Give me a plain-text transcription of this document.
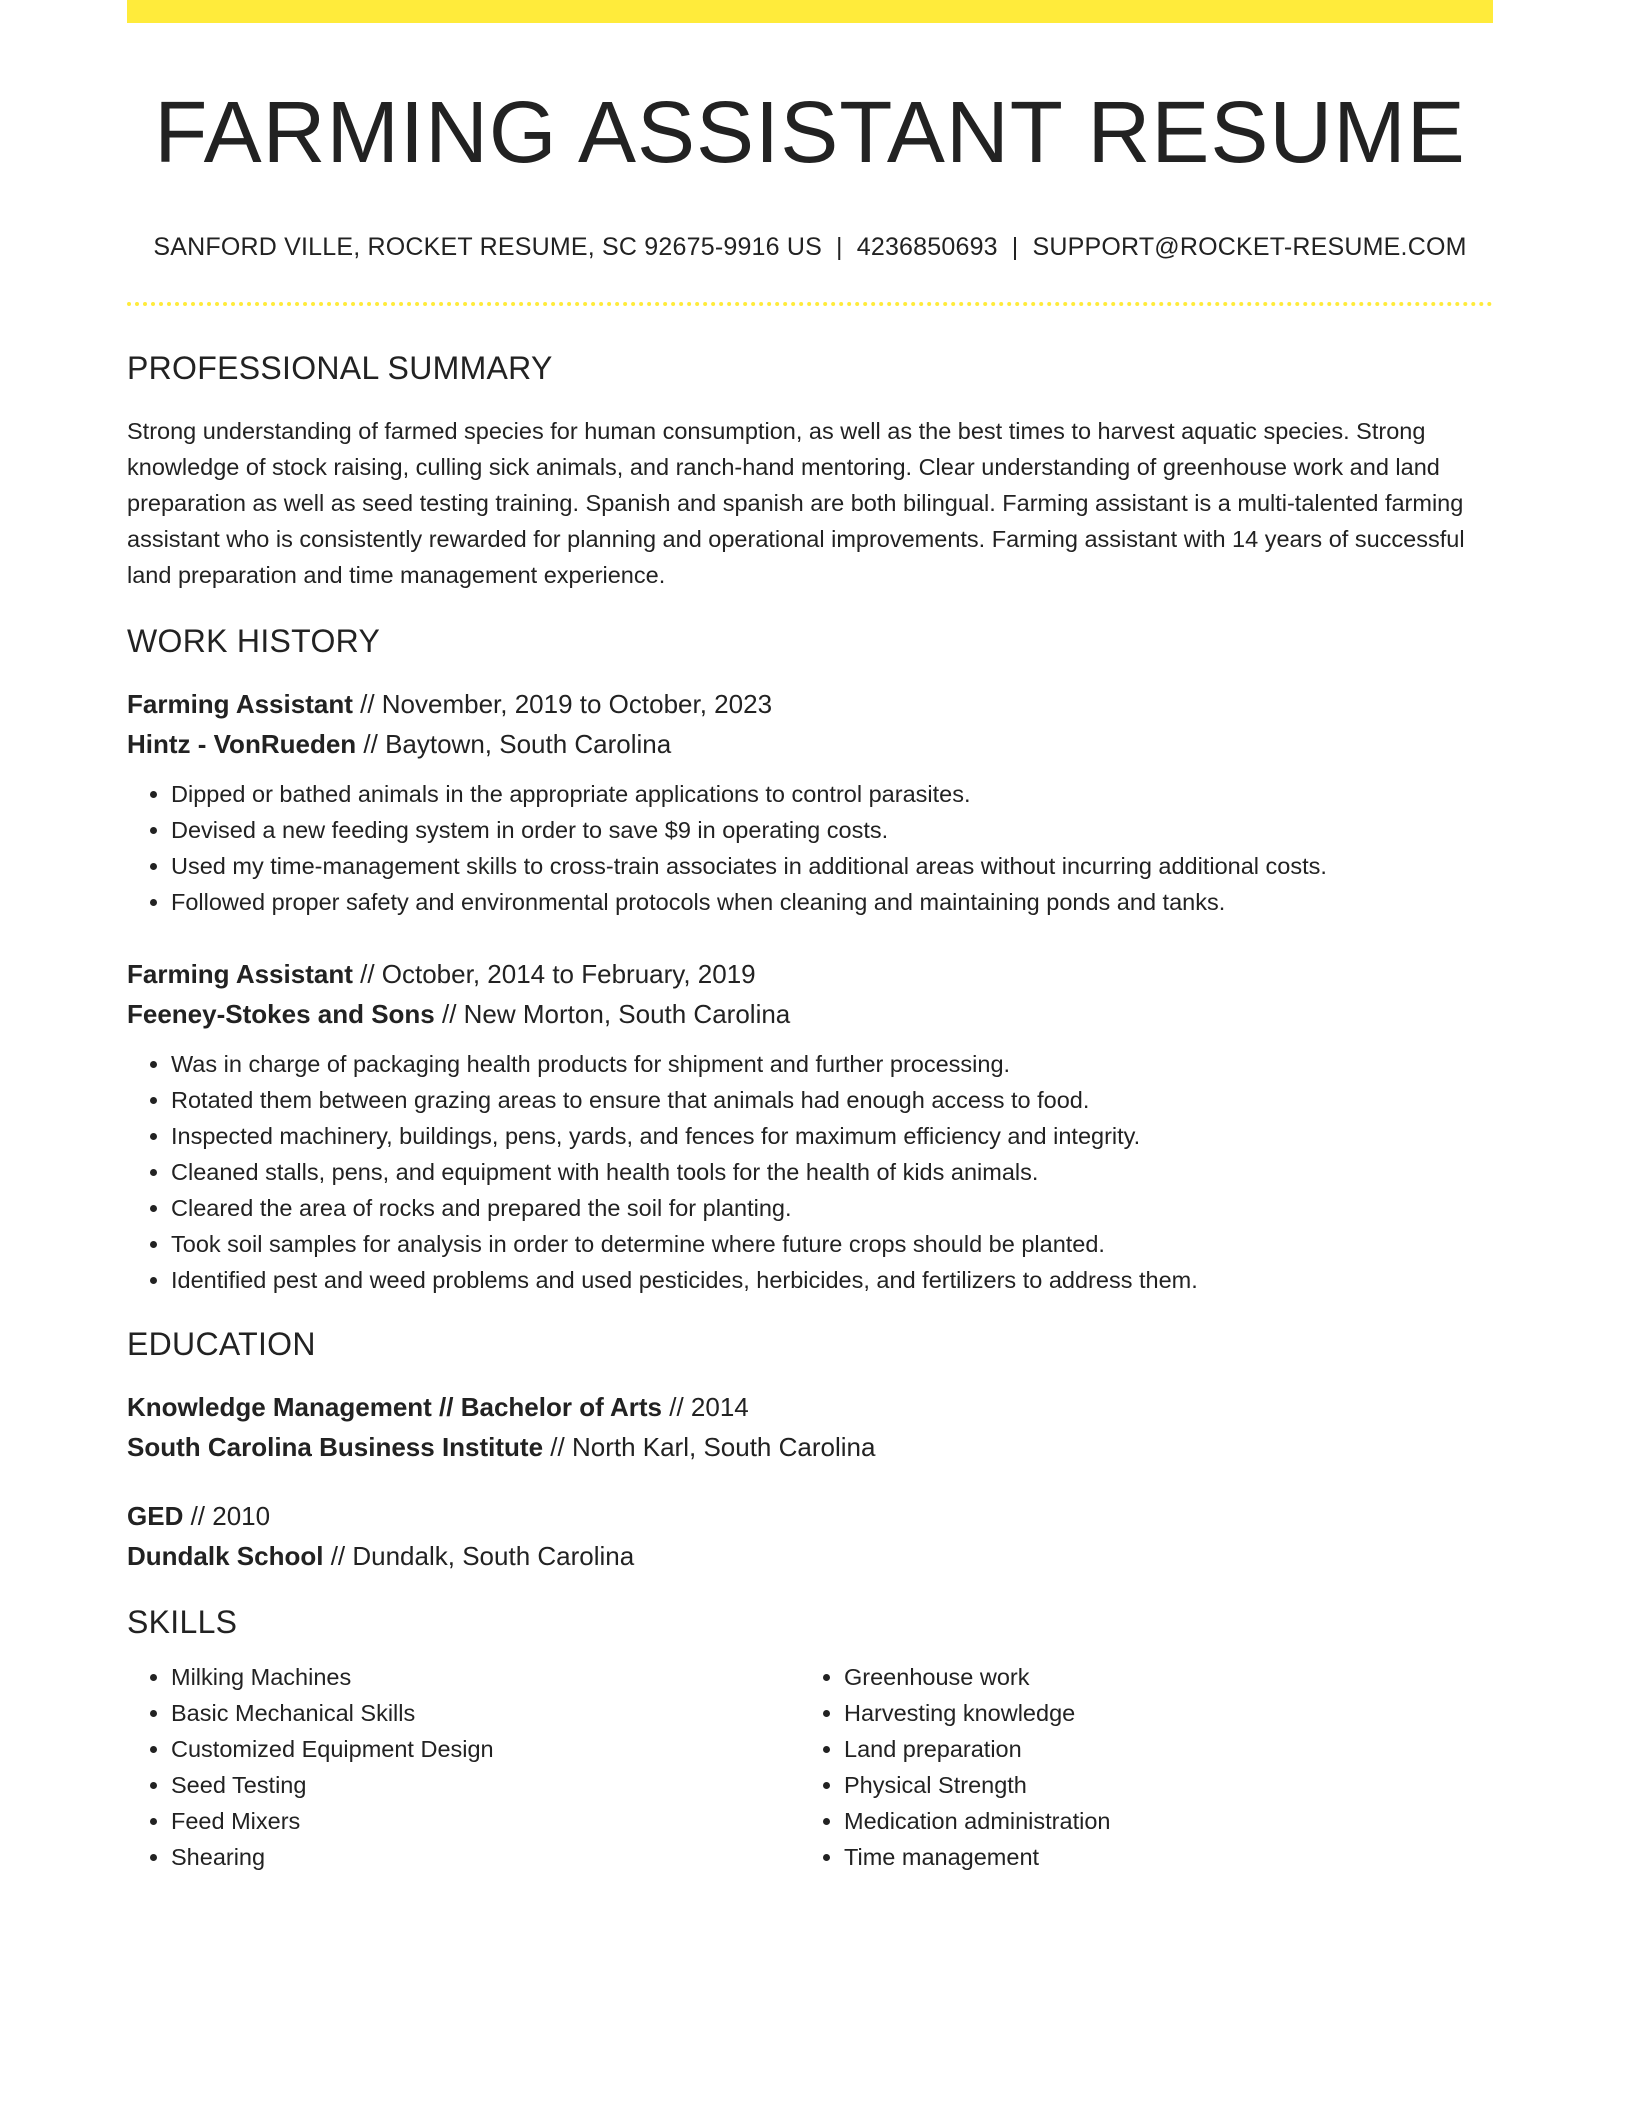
FARMING ASSISTANT RESUME
SANFORD VILLE, ROCKET RESUME, SC 92675-9916 US | 4236850693 | SUPPORT@ROCKET-RESUME.COM
PROFESSIONAL SUMMARY
Strong understanding of farmed species for human consumption, as well as the best times to harvest aquatic species. Strong knowledge of stock raising, culling sick animals, and ranch-hand mentoring. Clear understanding of greenhouse work and land preparation as well as seed testing training. Spanish and spanish are both bilingual. Farming assistant is a multi-talented farming assistant who is consistently rewarded for planning and operational improvements. Farming assistant with 14 years of successful land preparation and time management experience.
WORK HISTORY
Farming Assistant // November, 2019 to October, 2023
Hintz - VonRueden // Baytown, South Carolina
• Dipped or bathed animals in the appropriate applications to control parasites.
• Devised a new feeding system in order to save $9 in operating costs.
• Used my time-management skills to cross-train associates in additional areas without incurring additional costs.
• Followed proper safety and environmental protocols when cleaning and maintaining ponds and tanks.
Farming Assistant // October, 2014 to February, 2019
Feeney-Stokes and Sons // New Morton, South Carolina
• Was in charge of packaging health products for shipment and further processing.
• Rotated them between grazing areas to ensure that animals had enough access to food.
• Inspected machinery, buildings, pens, yards, and fences for maximum efficiency and integrity.
• Cleaned stalls, pens, and equipment with health tools for the health of kids animals.
• Cleared the area of rocks and prepared the soil for planting.
• Took soil samples for analysis in order to determine where future crops should be planted.
• Identified pest and weed problems and used pesticides, herbicides, and fertilizers to address them.
EDUCATION
Knowledge Management // Bachelor of Arts // 2014
South Carolina Business Institute // North Karl, South Carolina
GED // 2010
Dundalk School // Dundalk, South Carolina
SKILLS
• Milking Machines
• Basic Mechanical Skills
• Customized Equipment Design
• Seed Testing
• Feed Mixers
• Shearing
• Greenhouse work
• Harvesting knowledge
• Land preparation
• Physical Strength
• Medication administration
• Time management
